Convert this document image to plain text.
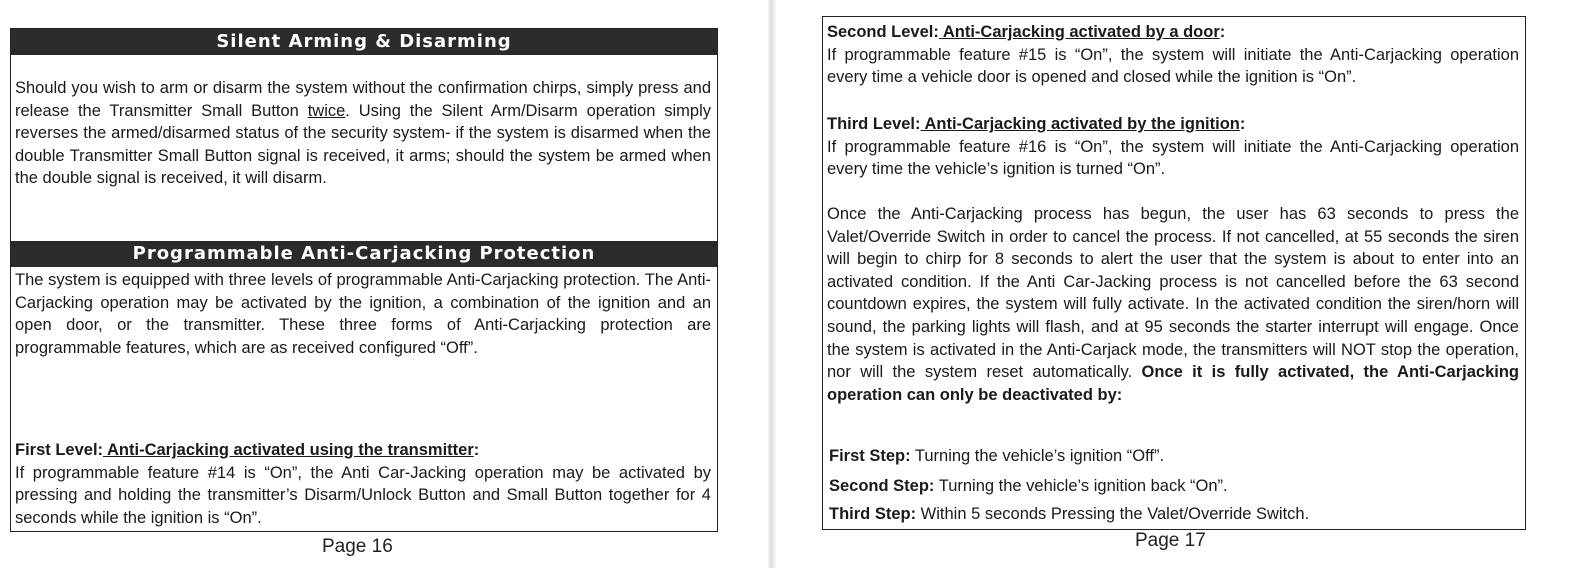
Silent Arming & Disarming

Should you wish to arm or disarm the system without the confirmation chirps, simply press and release the Transmitter Small Button twice. Using the Silent Arm/Disarm operation simply reverses the armed/disarmed status of the security system- if the system is disarmed when the double Transmitter Small Button signal is received, it arms; should the system be armed when the double signal is received, it will disarm.

Programmable Anti-Carjacking Protection

The system is equipped with three levels of programmable Anti-Carjacking protection. The Anti-Carjacking operation may be activated by the ignition, a combination of the ignition and an open door, or the transmitter. These three forms of Anti-Carjacking protection are programmable features, which are as received configured “Off”.

First Level: Anti-Carjacking activated using the transmitter:
If programmable feature #14 is “On”, the Anti Car-Jacking operation may be activated by pressing and holding the transmitter’s Disarm/Unlock Button and Small Button together for 4 seconds while the ignition is “On”.

Page 16

Second Level: Anti-Carjacking activated by a door:
If programmable feature #15 is “On”, the system will initiate the Anti-Carjacking operation every time a vehicle door is opened and closed while the ignition is “On”.

Third Level: Anti-Carjacking activated by the ignition:
If programmable feature #16 is “On”, the system will initiate the Anti-Carjacking operation every time the vehicle’s ignition is turned “On”.

Once the Anti-Carjacking process has begun, the user has 63 seconds to press the Valet/Override Switch in order to cancel the process. If not cancelled, at 55 seconds the siren will begin to chirp for 8 seconds to alert the user that the system is about to enter into an activated condition. If the Anti Car-Jacking process is not cancelled before the 63 second countdown expires, the system will fully activate. In the activated condition the siren/horn will sound, the parking lights will flash, and at 95 seconds the starter interrupt will engage. Once the system is activated in the Anti-Carjack mode, the transmitters will NOT stop the operation, nor will the system reset automatically. Once it is fully activated, the Anti-Carjacking operation can only be deactivated by:

First Step: Turning the vehicle’s ignition “Off”.
Second Step: Turning the vehicle’s ignition back “On”.
Third Step: Within 5 seconds Pressing the Valet/Override Switch.
Page 17
